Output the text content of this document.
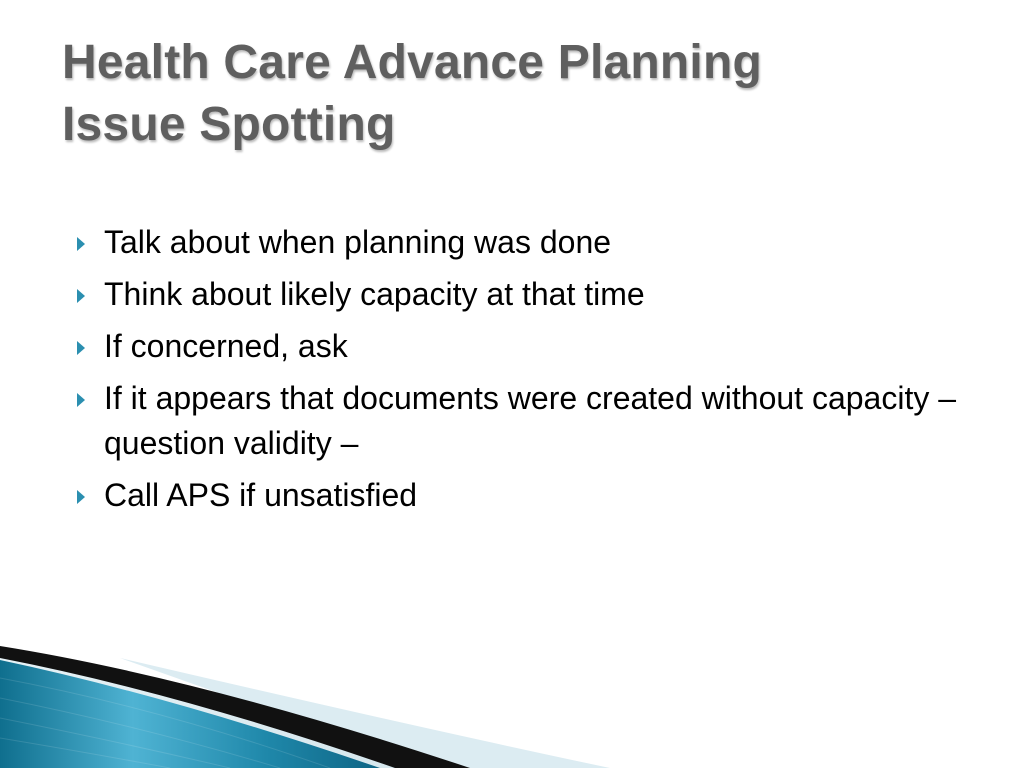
Health Care Advance Planning
Issue Spotting
Talk about when planning was done
Think about likely capacity at that time
If concerned, ask
If it appears that documents were created without capacity – question validity –
Call APS if unsatisfied
